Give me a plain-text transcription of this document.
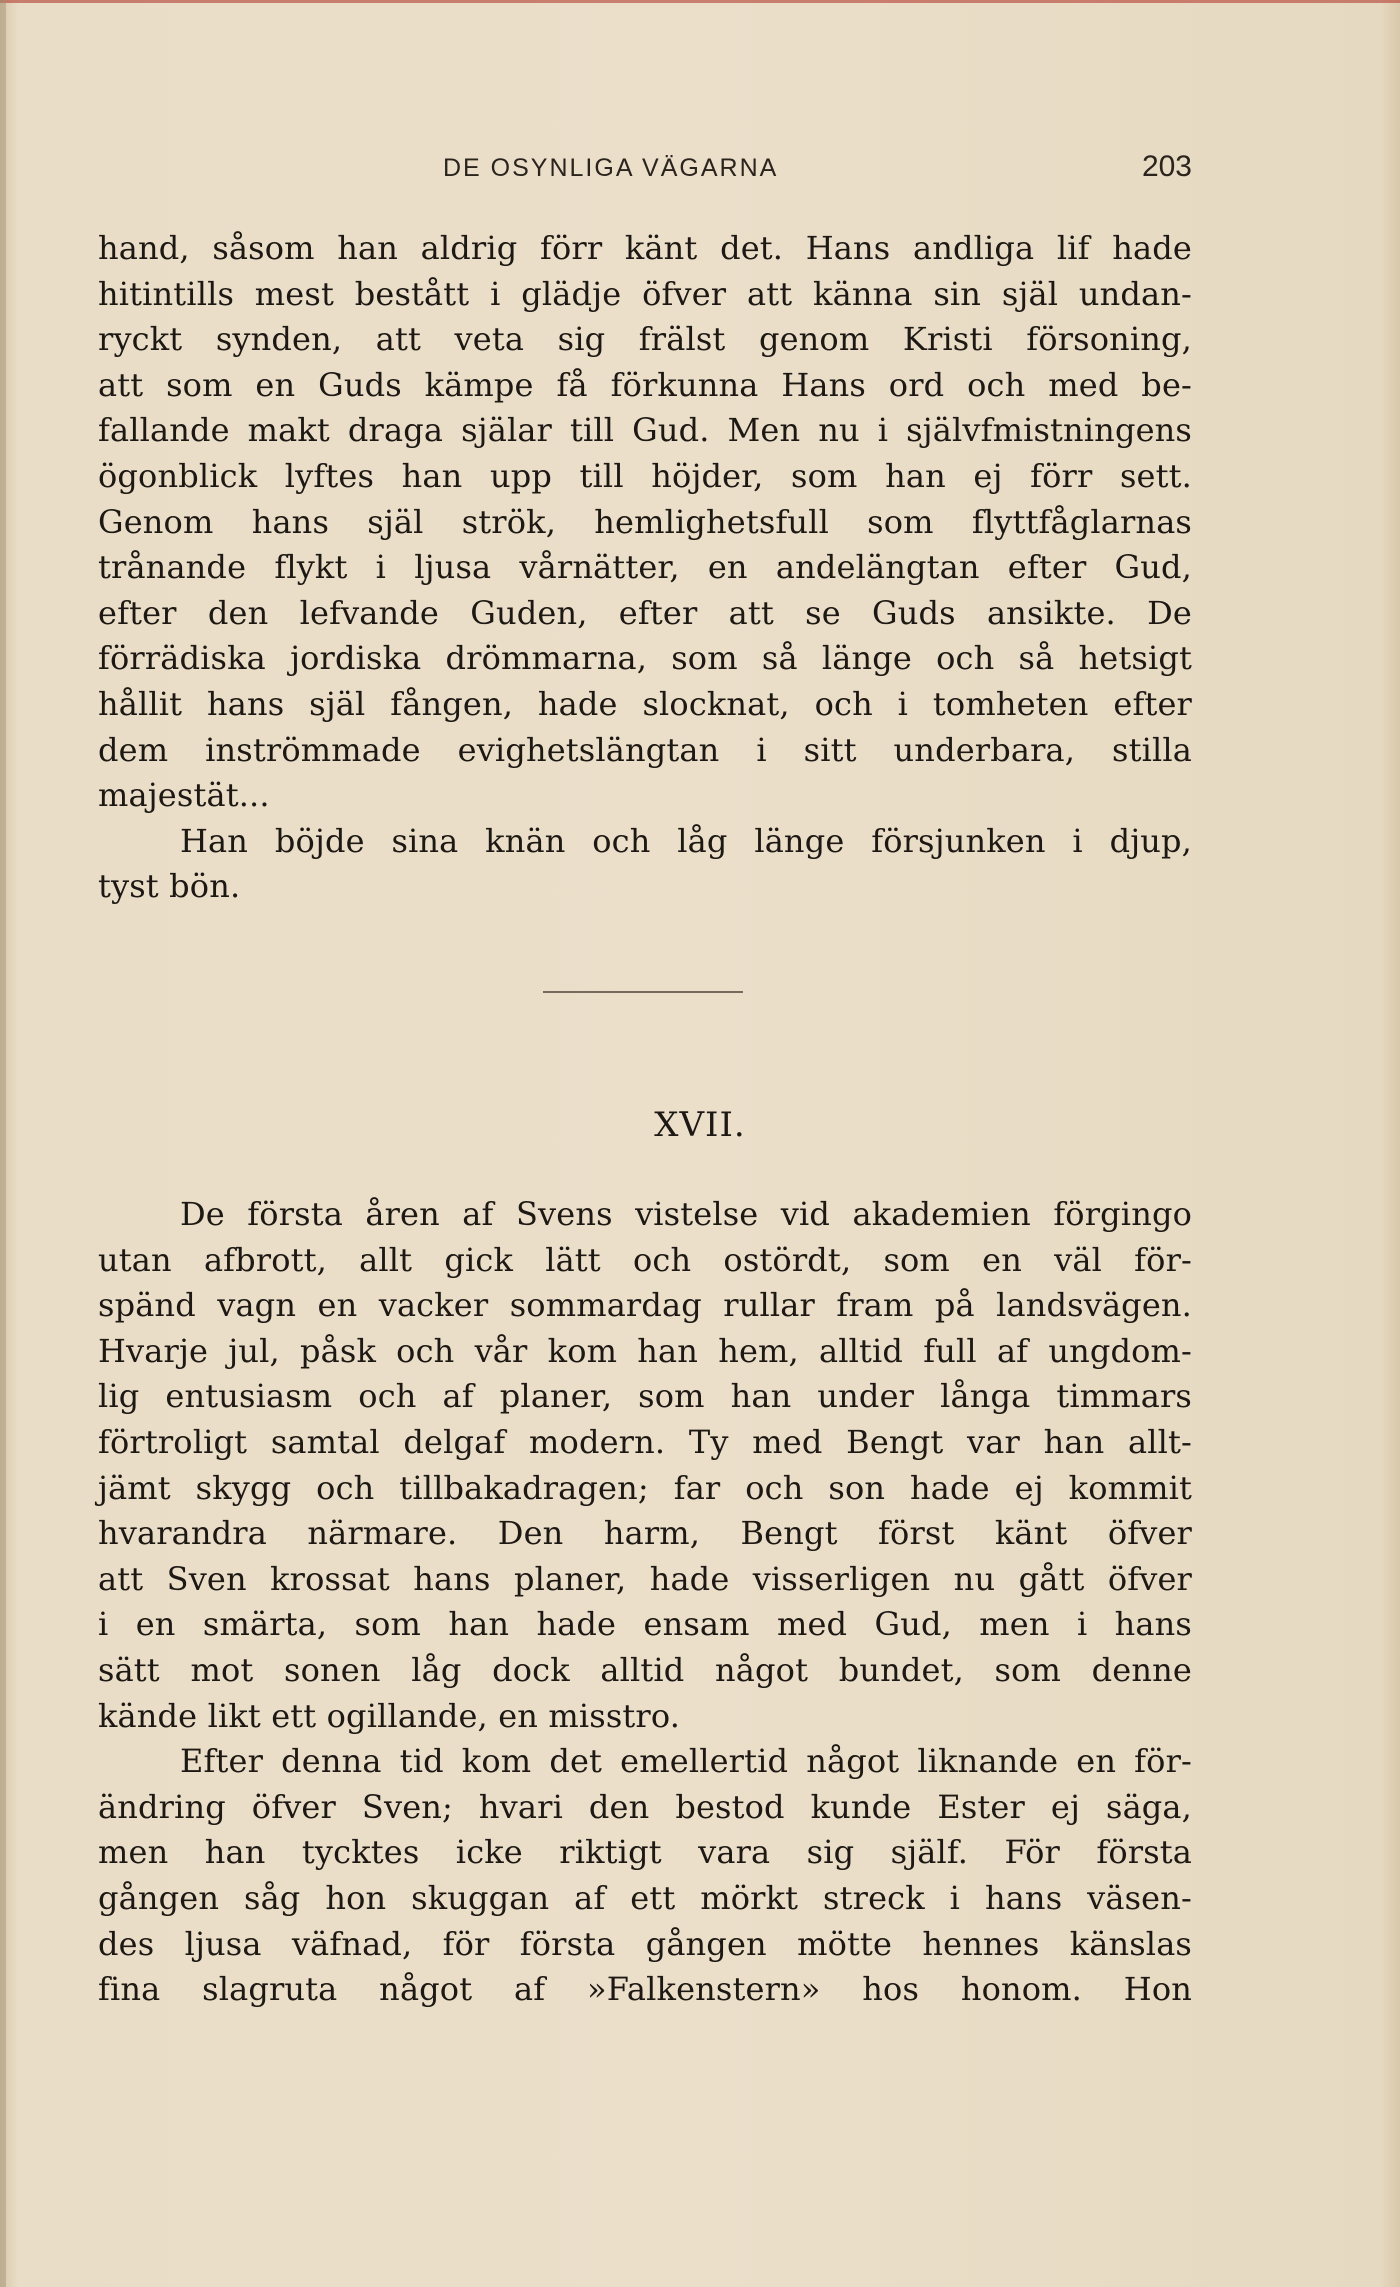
DE OSYNLIGA VÄGARNA	203
hand, såsom han aldrig förr känt det. Hans andliga lif hade
hitintills mest bestått i glädje öfver att känna sin själ undan-
ryckt synden, att veta sig frälst genom Kristi försoning,
att som en Guds kämpe få förkunna Hans ord och med be-
fallande makt draga själar till Gud. Men nu i självfmistningens
ögonblick lyftes han upp till höjder, som han ej förr sett.
Genom hans själ strök, hemlighetsfull som flyttfåglarnas
trånande flykt i ljusa vårnätter, en andelängtan efter Gud,
efter den lefvande Guden, efter att se Guds ansikte. De
förrädiska jordiska drömmarna, som så länge och så hetsigt
hållit hans själ fången, hade slocknat, och i tomheten efter
dem inströmmade evighetslängtan i sitt underbara, stilla
majestät...
Han böjde sina knän och låg länge försjunken i djup,
tyst bön.
XVII.
De första åren af Svens vistelse vid akademien förgingo
utan afbrott, allt gick lätt och ostördt, som en väl för-
spänd vagn en vacker sommardag rullar fram på landsvägen.
Hvarje jul, påsk och vår kom han hem, alltid full af ungdom-
lig entusiasm och af planer, som han under långa timmars
förtroligt samtal delgaf modern. Ty med Bengt var han allt-
jämt skygg och tillbakadragen; far och son hade ej kommit
hvarandra närmare. Den harm, Bengt först känt öfver
att Sven krossat hans planer, hade visserligen nu gått öfver
i en smärta, som han hade ensam med Gud, men i hans
sätt mot sonen låg dock alltid något bundet, som denne
kände likt ett ogillande, en misstro.
Efter denna tid kom det emellertid något liknande en för-
ändring öfver Sven; hvari den bestod kunde Ester ej säga,
men han tycktes icke riktigt vara sig själf. För första
gången såg hon skuggan af ett mörkt streck i hans väsen-
des ljusa väfnad, för första gången mötte hennes känslas
fina slagruta något af »Falkenstern» hos honom. Hon
